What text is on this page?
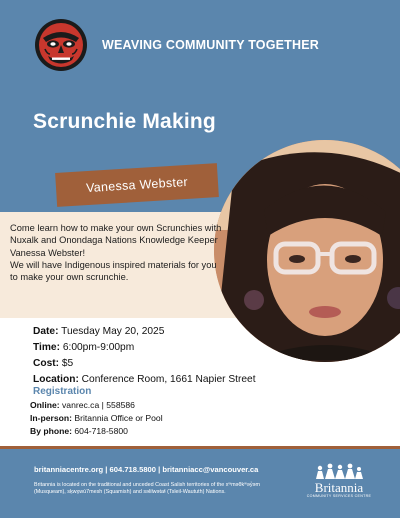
WEAVING COMMUNITY TOGETHER
Scrunchie Making
Vanessa Webster

Come learn how to make your own Scrunchies with Nuxalk and Onondaga Nations Knowledge Keeper Vanessa Webster!

We will have Indigenous inspired materials for you to make your own scrunchie.

Date: Tuesday May 20, 2025
Time: 6:00pm-9:00pm
Cost: $5
Location: Conference Room, 1661 Napier Street
Registration
Online: vanrec.ca | 558586
In-person: Britannia Office or Pool
By phone: 604-718-5800
britanniacentre.org | 604.718.5800 | britanniacc@vancouver.ca

Britannia is located on the traditional and unceded Coast Salish territories of the xʷməθkʷəy̓əm

(Musqueam), sḵwx̱wú7mesh (Squamish) and səlilwətaɬ (Tsleil-Waututh) Nations.	Britannia
COMMUNITY SERVICES CENTRE
